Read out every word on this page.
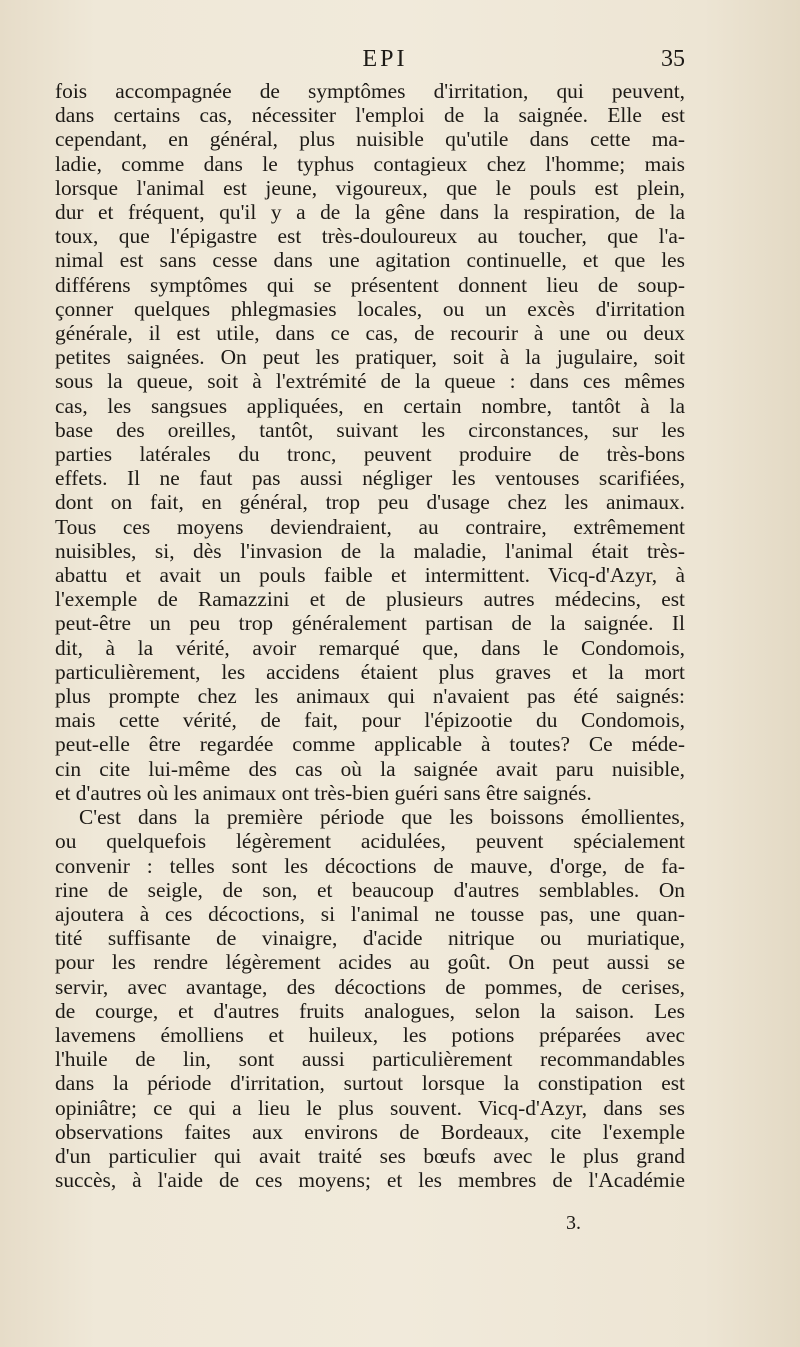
EPI	35
fois accompagnée de symptômes d'irritation, qui peuvent,
dans certains cas, nécessiter l'emploi de la saignée. Elle est
cependant, en général, plus nuisible qu'utile dans cette ma-
ladie, comme dans le typhus contagieux chez l'homme; mais
lorsque l'animal est jeune, vigoureux, que le pouls est plein,
dur et fréquent, qu'il y a de la gêne dans la respiration, de la
toux, que l'épigastre est très-douloureux au toucher, que l'a-
nimal est sans cesse dans une agitation continuelle, et que les
différens symptômes qui se présentent donnent lieu de soup-
çonner quelques phlegmasies locales, ou un excès d'irritation
générale, il est utile, dans ce cas, de recourir à une ou deux
petites saignées. On peut les pratiquer, soit à la jugulaire, soit
sous la queue, soit à l'extrémité de la queue : dans ces mêmes
cas, les sangsues appliquées, en certain nombre, tantôt à la
base des oreilles, tantôt, suivant les circonstances, sur les
parties latérales du tronc, peuvent produire de très-bons
effets. Il ne faut pas aussi négliger les ventouses scarifiées,
dont on fait, en général, trop peu d'usage chez les animaux.
Tous ces moyens deviendraient, au contraire, extrêmement
nuisibles, si, dès l'invasion de la maladie, l'animal était très-
abattu et avait un pouls faible et intermittent. Vicq-d'Azyr, à
l'exemple de Ramazzini et de plusieurs autres médecins, est
peut-être un peu trop généralement partisan de la saignée. Il
dit, à la vérité, avoir remarqué que, dans le Condomois,
particulièrement, les accidens étaient plus graves et la mort
plus prompte chez les animaux qui n'avaient pas été saignés:
mais cette vérité, de fait, pour l'épizootie du Condomois,
peut-elle être regardée comme applicable à toutes? Ce méde-
cin cite lui-même des cas où la saignée avait paru nuisible,
et d'autres où les animaux ont très-bien guéri sans être saignés.
C'est dans la première période que les boissons émollientes,
ou quelquefois légèrement acidulées, peuvent spécialement
convenir : telles sont les décoctions de mauve, d'orge, de fa-
rine de seigle, de son, et beaucoup d'autres semblables. On
ajoutera à ces décoctions, si l'animal ne tousse pas, une quan-
tité suffisante de vinaigre, d'acide nitrique ou muriatique,
pour les rendre légèrement acides au goût. On peut aussi se
servir, avec avantage, des décoctions de pommes, de cerises,
de courge, et d'autres fruits analogues, selon la saison. Les
lavemens émolliens et huileux, les potions préparées avec
l'huile de lin, sont aussi particulièrement recommandables
dans la période d'irritation, surtout lorsque la constipation est
opiniâtre; ce qui a lieu le plus souvent. Vicq-d'Azyr, dans ses
observations faites aux environs de Bordeaux, cite l'exemple
d'un particulier qui avait traité ses bœufs avec le plus grand
succès, à l'aide de ces moyens; et les membres de l'Académie
3.
